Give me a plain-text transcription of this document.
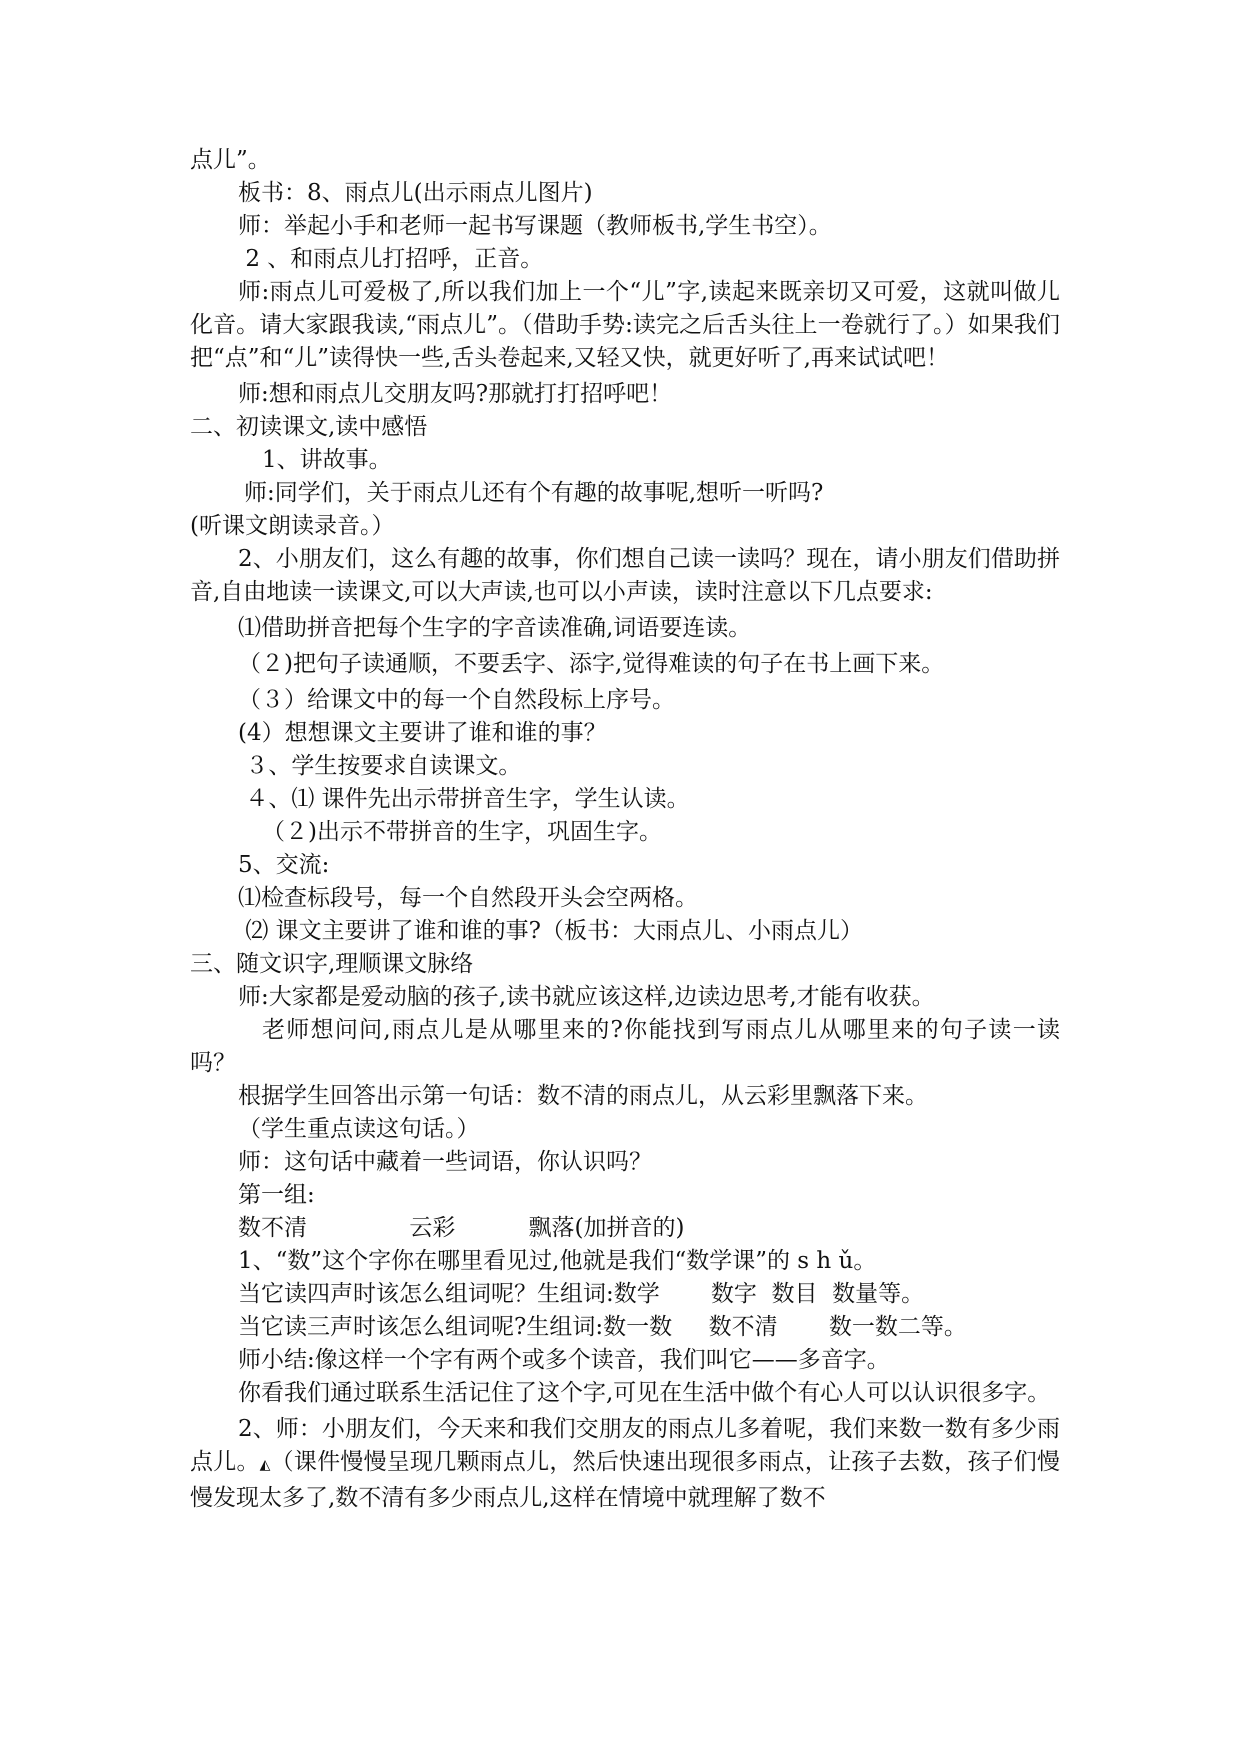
点儿”。

板书：8、雨点儿(出示雨点儿图片)

师：举起小手和老师一起书写课题（教师板书,学生书空）。

2 、和雨点儿打招呼，正音。

师:雨点儿可爱极了,所以我们加上一个“儿”字,读起来既亲切又可爱，这就叫做儿化音。请大家跟我读,“雨点儿”。（借助手势:读完之后舌头往上一卷就行了。）如果我们把“点”和“儿”读得快一些,舌头卷起来,又轻又快，就更好听了,再来试试吧！

师:想和雨点儿交朋友吗?那就打打招呼吧！

二、初读课文,读中感悟

1、讲故事。

师:同学们，关于雨点儿还有个有趣的故事呢,想听一听吗?

(听课文朗读录音。）

2、小朋友们，这么有趣的故事，你们想自己读一读吗？现在，请小朋友们借助拼音,自由地读一读课文,可以大声读,也可以小声读，读时注意以下几点要求:

⑴借助拼音把每个生字的字音读准确,词语要连读。

（２)把句子读通顺，不要丢字、添字,觉得难读的句子在书上画下来。

（３）给课文中的每一个自然段标上序号。

(4）想想课文主要讲了谁和谁的事？

３、学生按要求自读课文。

４、⑴ 课件先出示带拼音生字，学生认读。

（２)出示不带拼音的生字，巩固生字。

5、交流:

⑴检查标段号，每一个自然段开头会空两格。

⑵ 课文主要讲了谁和谁的事?（板书：大雨点儿、小雨点儿）

三、随文识字,理顺课文脉络

师:大家都是爱动脑的孩子,读书就应该这样,边读边思考,才能有收获。

老师想问问,雨点儿是从哪里来的?你能找到写雨点儿从哪里来的句子读一读吗？

根据学生回答出示第一句话：数不清的雨点儿，从云彩里飘落下来。

（学生重点读这句话。）

师：这句话中藏着一些词语，你认识吗？

第一组:

数不清              云彩          飘落(加拼音的)

1、“数”这个字你在哪里看见过,他就是我们“数学课”的 s h ǔ。

当它读四声时该怎么组词呢？生组词:数学       数字  数目  数量等。

当它读三声时该怎么组词呢?生组词:数一数     数不清       数一数二等。

师小结:像这样一个字有两个或多个读音，我们叫它——多音字。

你看我们通过联系生活记住了这个字,可见在生活中做个有心人可以认识很多字。

2、师：小朋友们，今天来和我们交朋友的雨点儿多着呢，我们来数一数有多少雨点儿。◭（课件慢慢呈现几颗雨点儿，然后快速出现很多雨点，让孩子去数，孩子们慢慢发现太多了,数不清有多少雨点儿,这样在情境中就理解了数不
